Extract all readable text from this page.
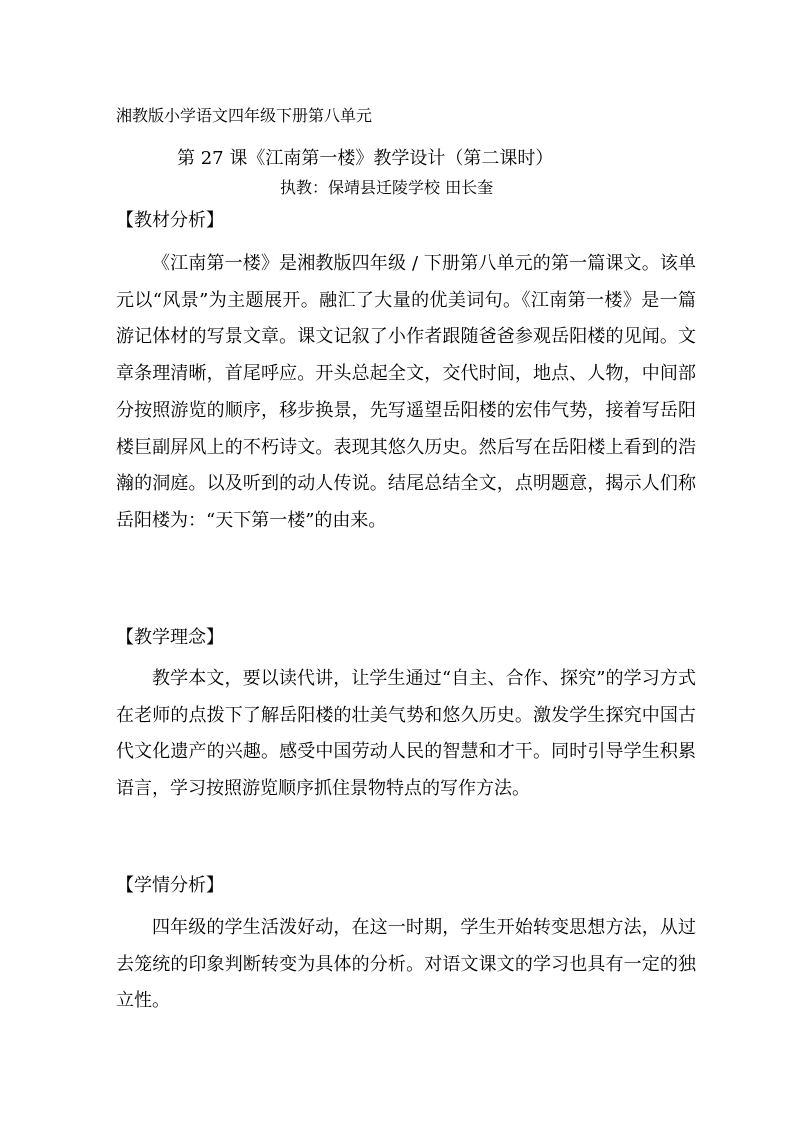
湘教版小学语文四年级下册第八单元
第 27 课《江南第一楼》教学设计（第二课时）
执教：保靖县迁陵学校 田长奎
【教材分析】

《江南第一楼》是湘教版四年级 / 下册第八单元的第一篇课文。该单元以“风景”为主题展开。融汇了大量的优美词句。《江南第一楼》是一篇游记体材的写景文章。课文记叙了小作者跟随爸爸参观岳阳楼的见闻。文章条理清晰，首尾呼应。开头总起全文，交代时间，地点、人物，中间部分按照游览的顺序，移步换景，先写遥望岳阳楼的宏伟气势，接着写岳阳楼巨副屏风上的不朽诗文。表现其悠久历史。然后写在岳阳楼上看到的浩瀚的洞庭。以及听到的动人传说。结尾总结全文，点明题意，揭示人们称岳阳楼为：“天下第一楼”的由来。

【教学理念】

教学本文，要以读代讲，让学生通过“自主、合作、探究”的学习方式在老师的点拨下了解岳阳楼的壮美气势和悠久历史。激发学生探究中国古代文化遗产的兴趣。感受中国劳动人民的智慧和才干。同时引导学生积累语言，学习按照游览顺序抓住景物特点的写作方法。

【学情分析】

四年级的学生活泼好动，在这一时期，学生开始转变思想方法，从过去笼统的印象判断转变为具体的分析。对语文课文的学习也具有一定的独立性。
